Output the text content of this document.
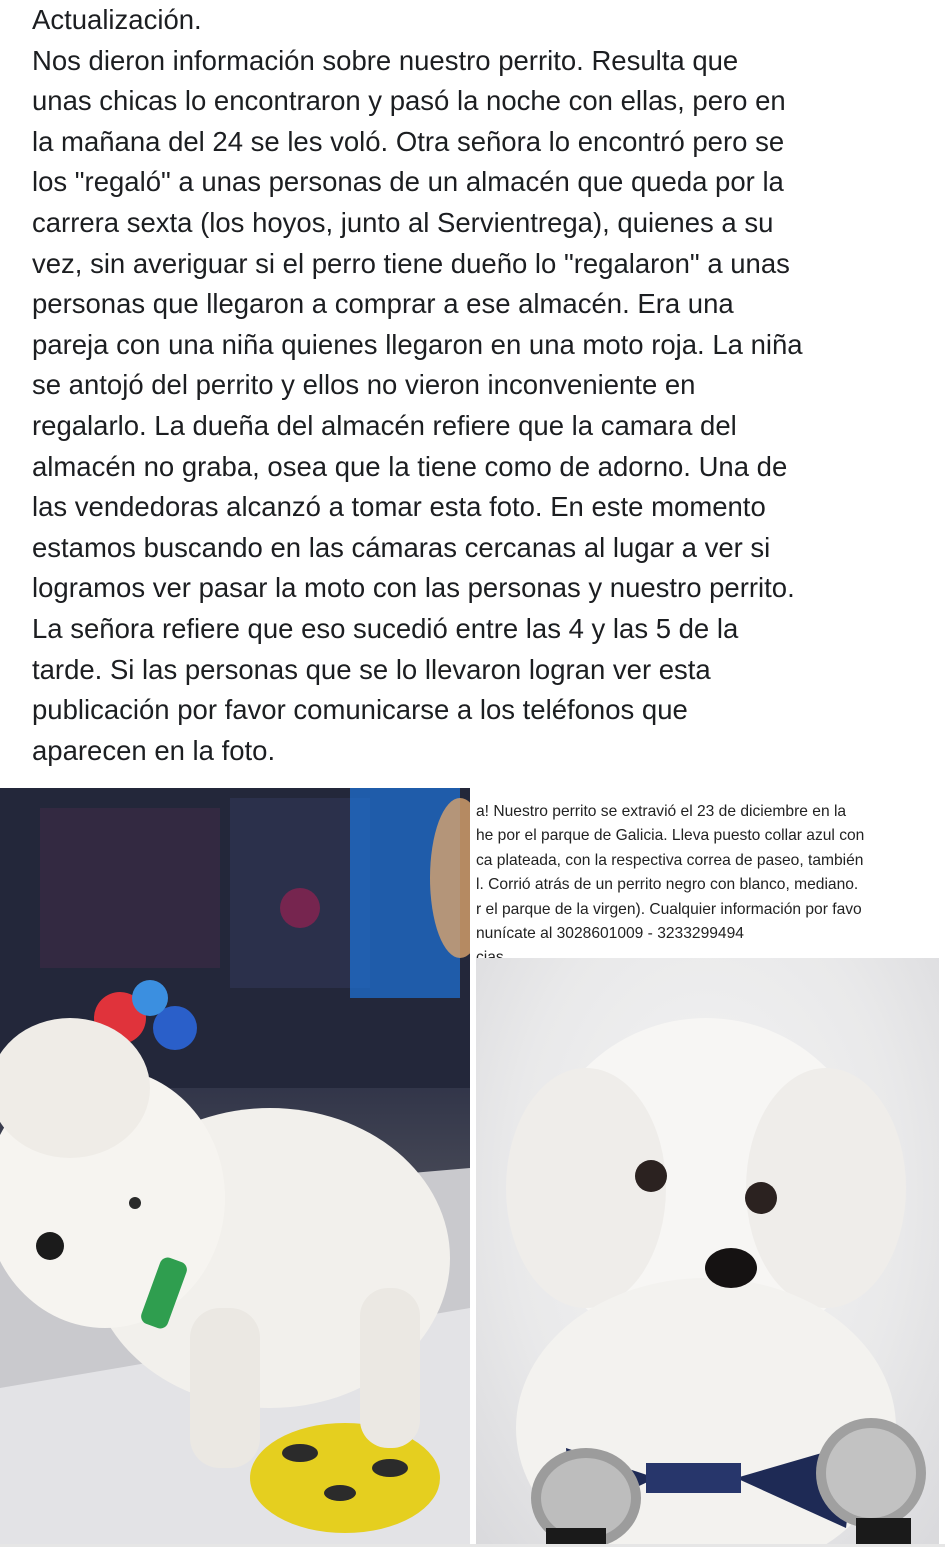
Actualización.

Nos dieron información sobre nuestro perrito. Resulta que

unas chicas lo encontraron y pasó la noche con ellas, pero en

la mañana del 24 se les voló. Otra señora lo encontró pero se

los "regaló" a unas personas de un almacén que queda por la

carrera sexta (los hoyos, junto al Servientrega), quienes a su

vez, sin averiguar si el perro tiene dueño lo "regalaron" a unas

personas que llegaron a comprar a ese almacén. Era una

pareja con una niña quienes llegaron en una moto roja. La niña

se antojó del perrito y ellos no vieron inconveniente en

regalarlo. La dueña del almacén refiere que la camara del

almacén no graba, osea que la tiene como de adorno. Una de

las vendedoras alcanzó a tomar esta foto. En este momento

estamos buscando en las cámaras cercanas al lugar a ver si

logramos ver pasar la moto con las personas y nuestro perrito.

La señora refiere que eso sucedió entre las 4 y las 5 de la

tarde. Si las personas que se lo llevaron logran ver esta

publicación por favor comunicarse a los teléfonos que

aparecen en la foto.

a! Nuestro perrito se extravió el 23 de diciembre en la
he por el parque de Galicia. Lleva puesto collar azul con
ca plateada, con la respectiva correa de paseo, también
l. Corrió atrás de un perrito negro con blanco, mediano.
r el parque de la virgen). Cualquier información por favo
nunícate al 3028601009 - 3233299494
